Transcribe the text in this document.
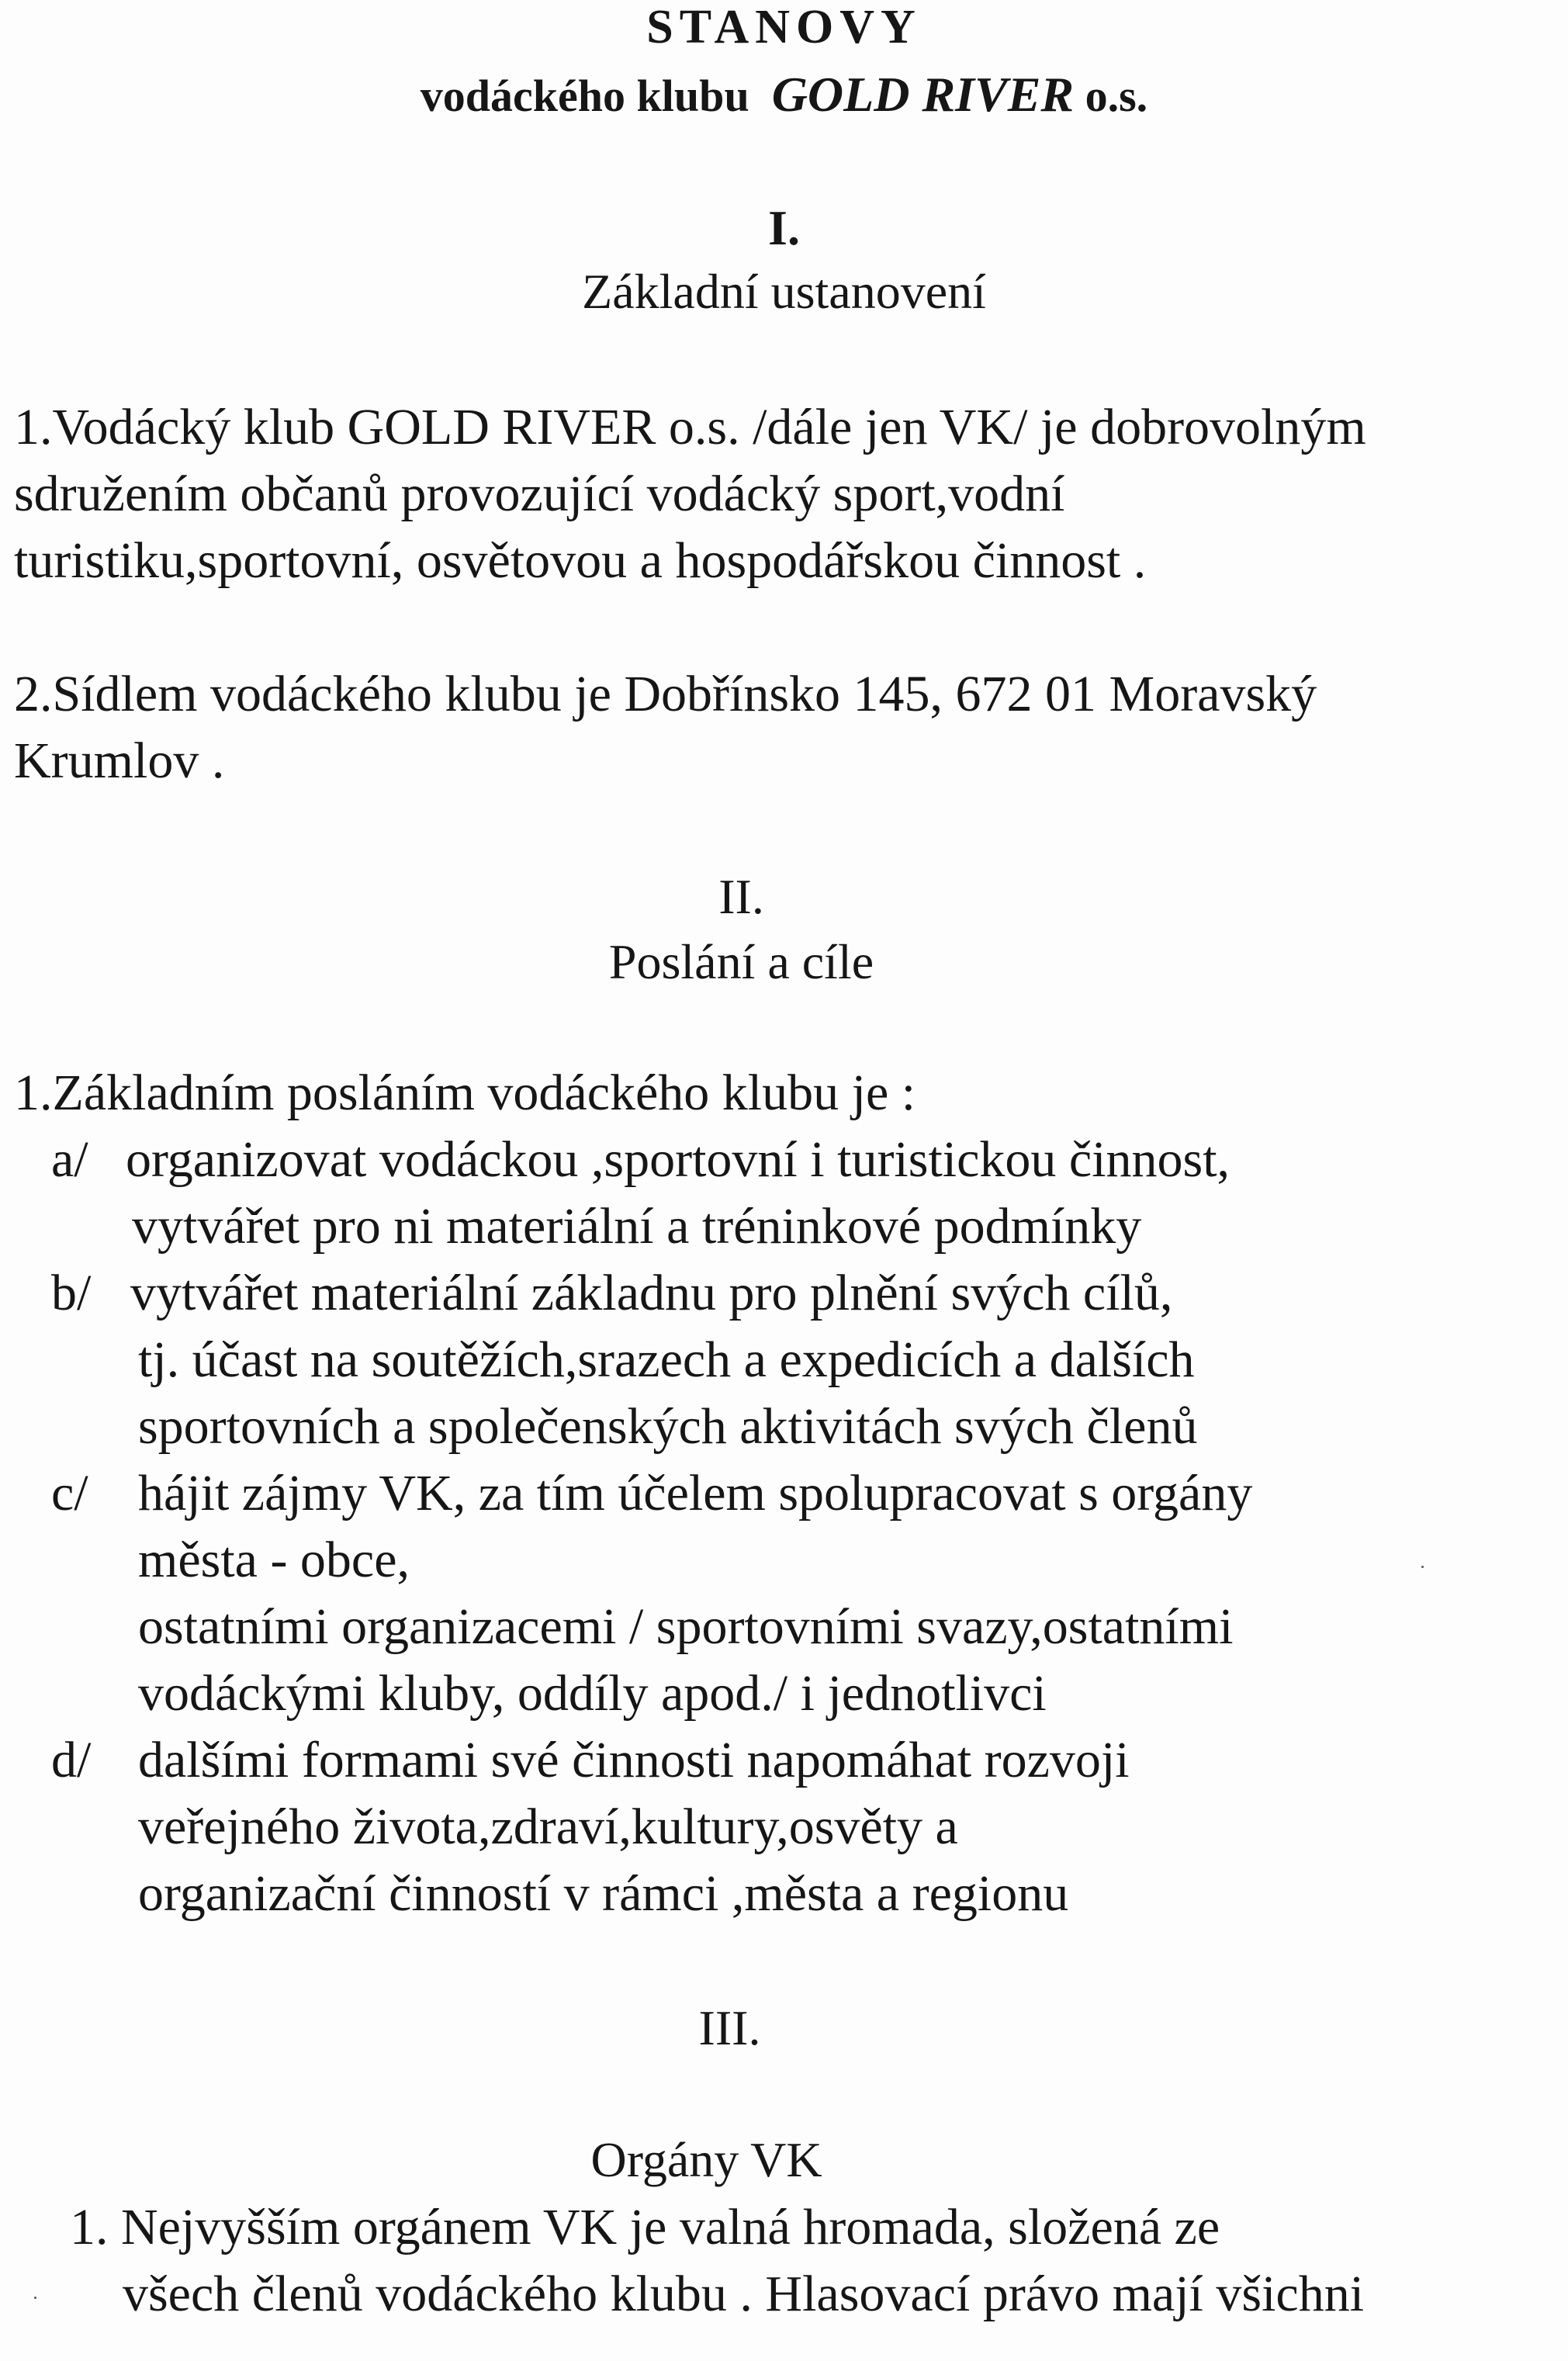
STANOVY
vodáckého klubu GOLD RIVER o.s.
I.
Základní ustanovení
1.Vodácký klub GOLD RIVER o.s. /dále jen VK/ je dobrovolným
sdružením občanů provozující vodácký sport,vodní
turistiku,sportovní, osvětovou a hospodářskou činnost .
2.Sídlem vodáckého klubu je Dobřínsko 145, 672 01 Moravský
Krumlov .
II.
Poslání a cíle
1.Základním posláním vodáckého klubu je :
a/ organizovat vodáckou ,sportovní i turistickou činnost,
vytvářet pro ni materiální a tréninkové podmínky
b/ vytvářet materiální základnu pro plnění svých cílů,
tj. účast na soutěžích,srazech a expedicích a dalších
sportovních a společenských aktivitách svých členů
c/ hájit zájmy VK, za tím účelem spolupracovat s orgány
města - obce,
ostatními organizacemi / sportovními svazy,ostatními
vodáckými kluby, oddíly apod./ i jednotlivci
d/ dalšími formami své činnosti napomáhat rozvoji
veřejného života,zdraví,kultury,osvěty a
organizační činností v rámci ,města a regionu
III.
Orgány VK
1. Nejvyšším orgánem VK je valná hromada, složená ze
všech členů vodáckého klubu . Hlasovací právo mají všichni
